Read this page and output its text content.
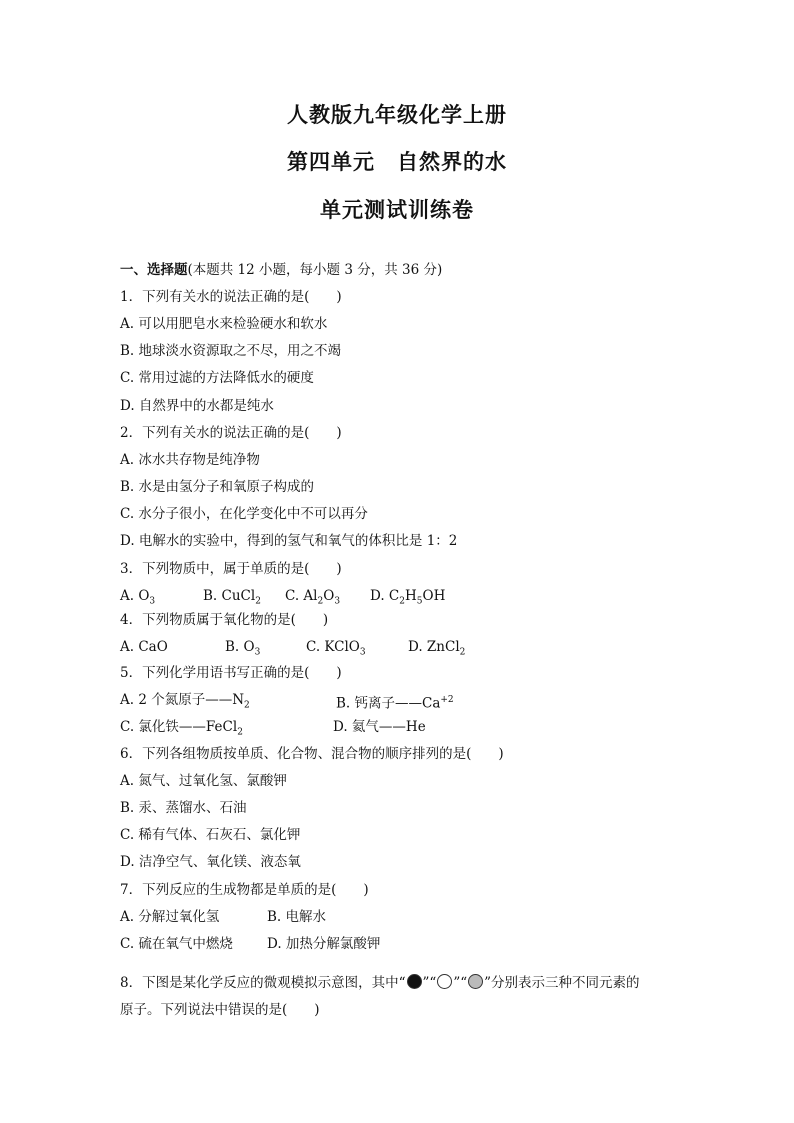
人教版九年级化学上册
第四单元　自然界的水
单元测试训练卷
一、选择题(本题共 12 小题，每小题 3 分，共 36 分)
1．下列有关水的说法正确的是(　　)
A. 可以用肥皂水来检验硬水和软水
B. 地球淡水资源取之不尽，用之不竭
C. 常用过滤的方法降低水的硬度
D. 自然界中的水都是纯水
2．下列有关水的说法正确的是(　　)
A. 冰水共存物是纯净物
B. 水是由氢分子和氧原子构成的
C. 水分子很小，在化学变化中不可以再分
D. 电解水的实验中，得到的氢气和氧气的体积比是 1：2
3．下列物质中，属于单质的是(　　)
A. $O_3$	B. CuCl$_2$ C. $Al_2O_3$ D. $C_2H_5OH$
4．下列物质属于氧化物的是(　　)
A. CaO	B. $O_3$	C. KClO$_3$	D. ZnCl$_2$
5．下列化学用语书写正确的是(　　)
A. 2 个氮原子$——N_2$	B. 钙离子$——Ca^{+2}$
C. 氯化铁——FeCl$_2$	D. 氦气——He
6．下列各组物质按单质、化合物、混合物的顺序排列的是(　　)
A. 氮气、过氧化氢、氯酸钾
B. 汞、蒸馏水、石油
C. 稀有气体、石灰石、氯化钾
D. 洁净空气、氧化镁、液态氧
7．下列反应的生成物都是单质的是(　　)
A. 分解过氧化氢	B. 电解水
C. 硫在氧气中燃烧	D. 加热分解氯酸钾
8．下图是某化学反应的微观模拟示意图，其中“ ”“ ”“ ”分别表示三种不同元素的
原子。下列说法中错误的是(　　)
